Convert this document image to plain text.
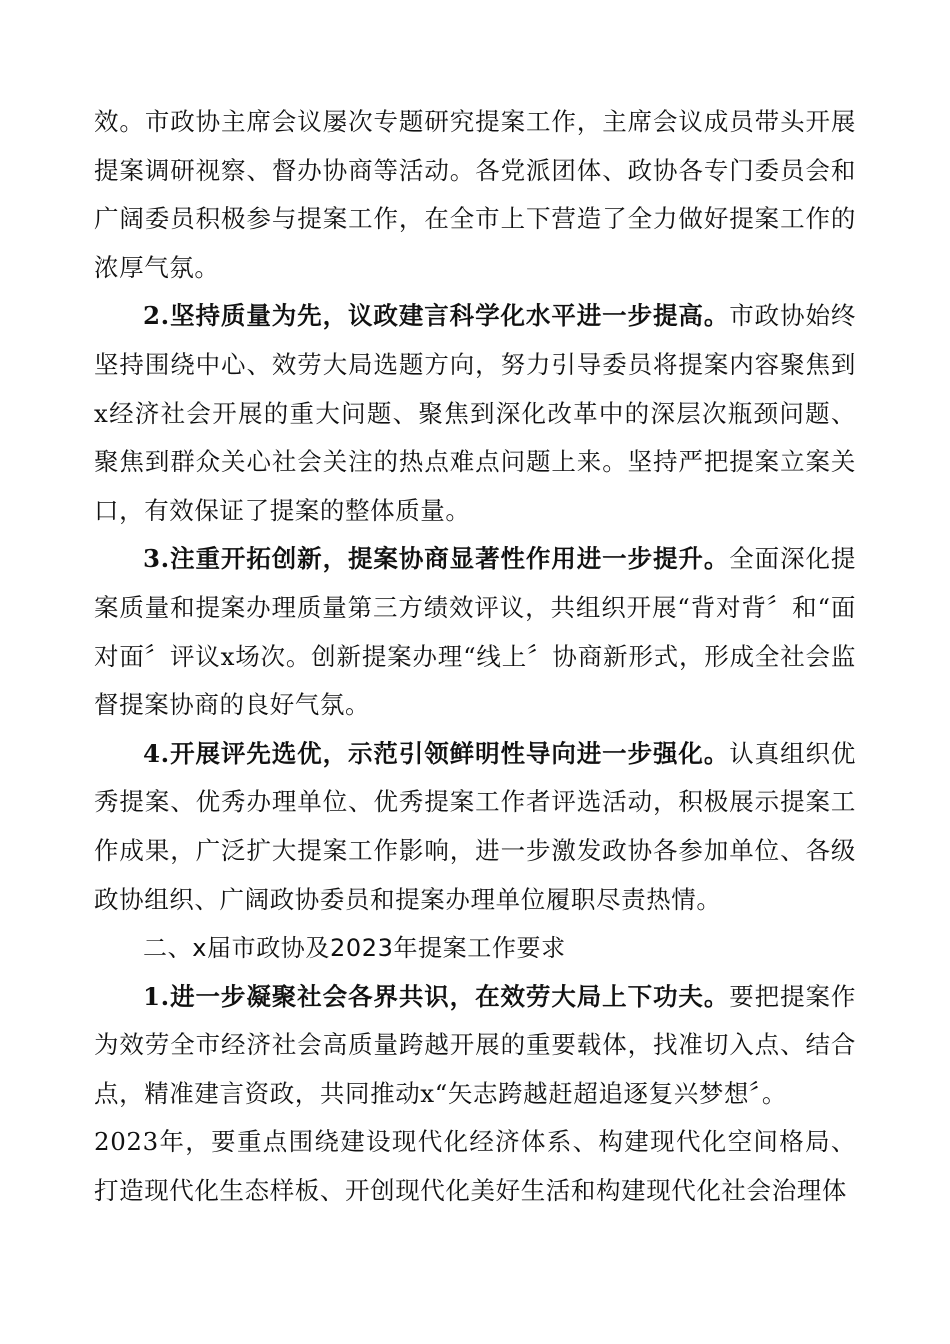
效。市政协主席会议屡次专题研究提案工作，主席会议成员带头开展提案调研视察、督办协商等活动。各党派团体、政协各专门委员会和广阔委员积极参与提案工作，在全市上下营造了全力做好提案工作的浓厚气氛。

2.坚持质量为先，议政建言科学化水平进一步提高。市政协始终坚持围绕中心、效劳大局选题方向，努力引导委员将提案内容聚焦到x经济社会开展的重大问题、聚焦到深化改革中的深层次瓶颈问题、聚焦到群众关心社会关注的热点难点问题上来。坚持严把提案立案关口，有效保证了提案的整体质量。

3.注重开拓创新，提案协商显著性作用进一步提升。全面深化提案质量和提案办理质量第三方绩效评议，共组织开展“背对背〞和“面对面〞评议x场次。创新提案办理“线上〞协商新形式，形成全社会监督提案协商的良好气氛。

4.开展评先选优，示范引领鲜明性导向进一步强化。认真组织优秀提案、优秀办理单位、优秀提案工作者评选活动，积极展示提案工作成果，广泛扩大提案工作影响，进一步激发政协各参加单位、各级政协组织、广阔政协委员和提案办理单位履职尽责热情。

二、x届市政协及2023年提案工作要求

1.进一步凝聚社会各界共识，在效劳大局上下功夫。要把提案作为效劳全市经济社会高质量跨越开展的重要载体，找准切入点、结合点，精准建言资政，共同推动x“矢志跨越赶超追逐复兴梦想〞。

2023年，要重点围绕建设现代化经济体系、构建现代化空间格局、打造现代化生态样板、开创现代化美好生活和构建现代化社会治理体
